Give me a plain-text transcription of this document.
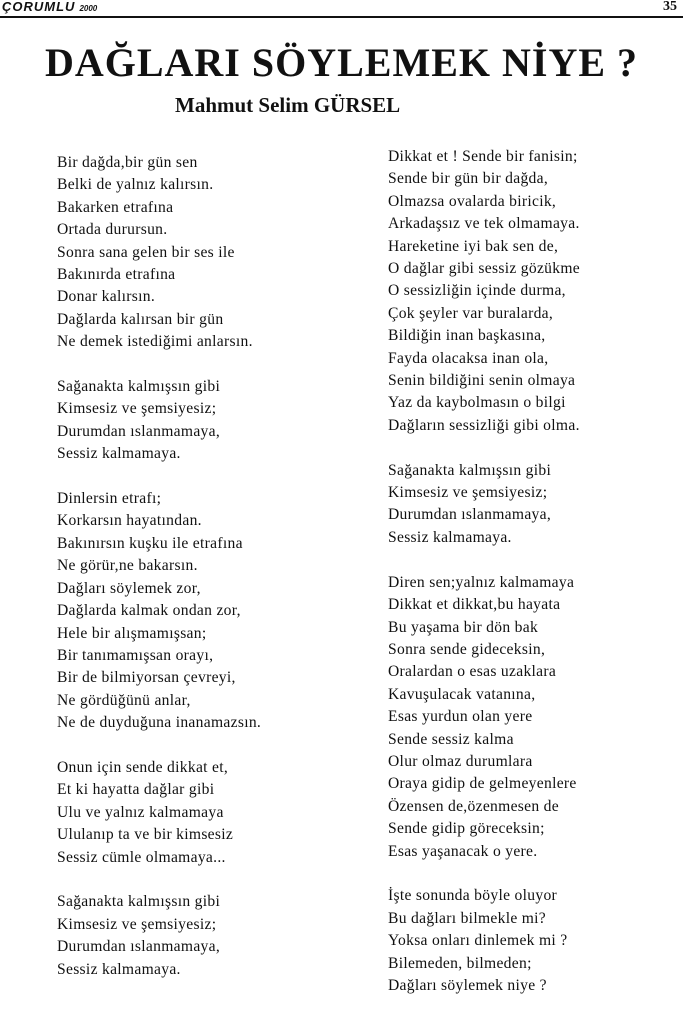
ÇORUMLU 2000	35
DAĞLARI SÖYLEMEK NİYE ?
Mahmut Selim GÜRSEL
Bir dağda,bir gün sen
Belki de yalnız kalırsın.
Bakarken etrafına
Ortada durursun.
Sonra sana gelen bir ses ile
Bakınırda etrafına
Donar kalırsın.
Dağlarda kalırsan bir gün
Ne demek istediğimi anlarsın.
Sağanakta kalmışsın gibi
Kimsesiz ve şemsiyesiz;
Durumdan ıslanmamaya,
Sessiz kalmamaya.
Dinlersin etrafı;
Korkarsın hayatından.
Bakınırsın kuşku ile etrafına
Ne görür,ne bakarsın.
Dağları söylemek zor,
Dağlarda kalmak ondan zor,
Hele bir alışmamışsan;
Bir tanımamışsan orayı,
Bir de bilmiyorsan çevreyi,
Ne gördüğünü anlar,
Ne de duyduğuna inanamazsın.
Onun için sende dikkat et,
Et ki hayatta dağlar gibi
Ulu ve yalnız kalmamaya
Ululanıp ta ve bir kimsesiz
Sessiz cümle olmamaya...
Sağanakta kalmışsın gibi
Kimsesiz ve şemsiyesiz;
Durumdan ıslanmamaya,
Sessiz kalmamaya.
Dikkat et ! Sende bir fanisin;
Sende bir gün bir dağda,
Olmazsa ovalarda biricik,
Arkadaşsız ve tek olmamaya.
Hareketine iyi bak sen de,
O dağlar gibi sessiz gözükme
O sessizliğin içinde durma,
Çok şeyler var buralarda,
Bildiğin inan başkasına,
Fayda olacaksa inan ola,
Senin bildiğini senin olmaya
Yaz da kaybolmasın o bilgi
Dağların sessizliği gibi olma.
Sağanakta kalmışsın gibi
Kimsesiz ve şemsiyesiz;
Durumdan ıslanmamaya,
Sessiz kalmamaya.
Diren sen;yalnız kalmamaya
Dikkat et dikkat,bu hayata
Bu yaşama bir dön bak
Sonra sende gideceksin,
Oralardan o esas uzaklara
Kavuşulacak vatanına,
Esas yurdun olan yere
Sende sessiz kalma
Olur olmaz durumlara
Oraya gidip de gelmeyenlere
Özensen de,özenmesen de
Sende gidip göreceksin;
Esas yaşanacak o yere.
İşte sonunda böyle oluyor
Bu dağları bilmekle mi?
Yoksa onları dinlemek mi ?
Bilemeden, bilmeden;
Dağları söylemek niye ?
